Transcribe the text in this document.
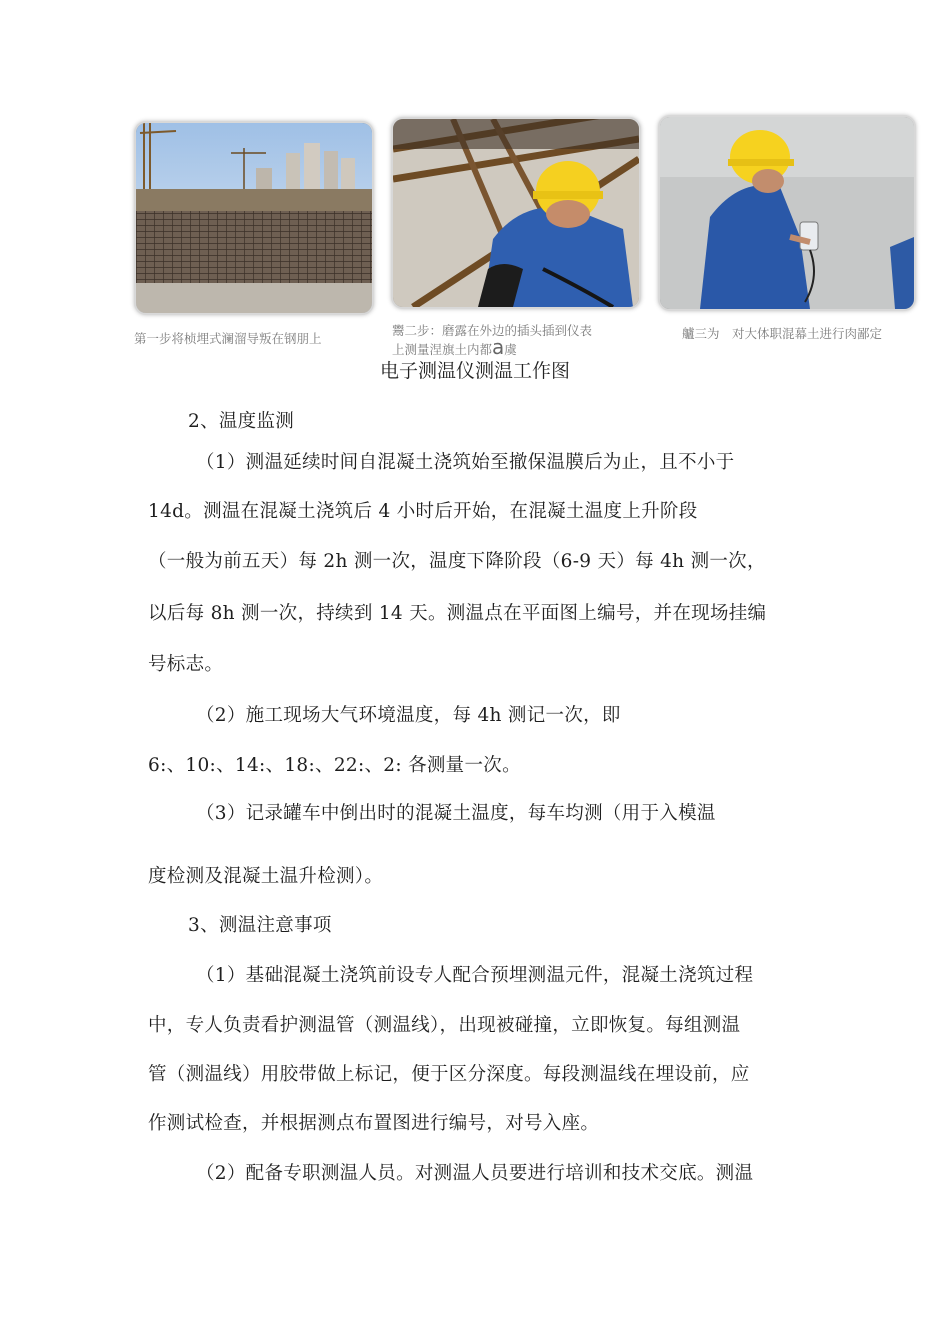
第一步将桢埋式澜溜导叛在钢朋上
鬻二步：磨露在外边的插头插到仪表
上测量涅旗土内都a虞
艫三为　对大体职混幕土进行肉鄙定
电子测温仪测温工作图
2、温度监测
（1）测温延续时间自混凝土浇筑始至撤保温膜后为止，且不小于
14d。测温在混凝土浇筑后 4 小时后开始，在混凝土温度上升阶段
（一般为前五天）每 2h 测一次，温度下降阶段（6-9 天）每 4h 测一次，
以后每 8h 测一次，持续到 14 天。测温点在平面图上编号，并在现场挂编
号标志。
（2）施工现场大气环境温度，每 4h 测记一次，即
6:、10:、14:、18:、22:、2: 各测量一次。
（3）记录罐车中倒出时的混凝土温度，每车均测（用于入模温
度检测及混凝土温升检测）。
3、测温注意事项
（1）基础混凝土浇筑前设专人配合预埋测温元件，混凝土浇筑过程
中，专人负责看护测温管（测温线），出现被碰撞，立即恢复。每组测温
管（测温线）用胶带做上标记，便于区分深度。每段测温线在埋设前，应
作测试检查，并根据测点布置图进行编号，对号入座。
（2）配备专职测温人员。对测温人员要进行培训和技术交底。测温
